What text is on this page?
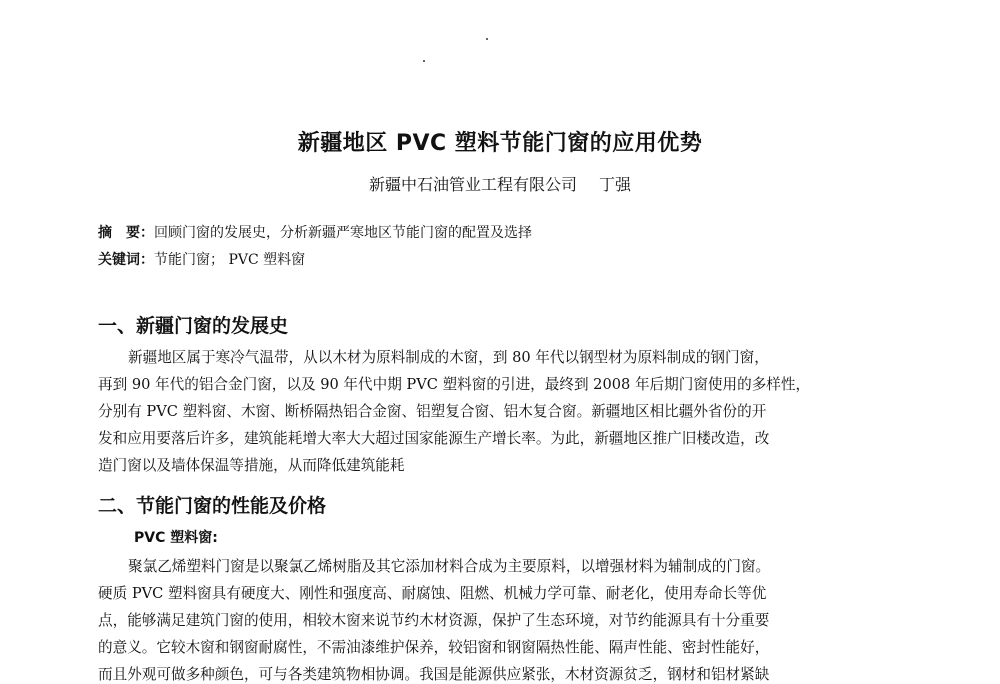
新疆地区 PVC 塑料节能门窗的应用优势
新疆中石油管业工程有限公司 丁强
摘　要：回顾门窗的发展史，分析新疆严寒地区节能门窗的配置及选择
关键词：节能门窗； PVC 塑料窗
一、新疆门窗的发展史
新疆地区属于寒冷气温带，从以木材为原料制成的木窗，到 80 年代以钢型材为原料制成的钢门窗，
再到 90 年代的铝合金门窗，以及 90 年代中期 PVC 塑料窗的引进，最终到 2008 年后期门窗使用的多样性，
分别有 PVC 塑料窗、木窗、断桥隔热铝合金窗、铝塑复合窗、铝木复合窗。新疆地区相比疆外省份的开
发和应用要落后许多，建筑能耗增大率大大超过国家能源生产增长率。为此，新疆地区推广旧楼改造，改
造门窗以及墙体保温等措施，从而降低建筑能耗
二、节能门窗的性能及价格
PVC 塑料窗:
聚氯乙烯塑料门窗是以聚氯乙烯树脂及其它添加材料合成为主要原料，以增强材料为辅制成的门窗。
硬质 PVC 塑料窗具有硬度大、刚性和强度高、耐腐蚀、阻燃、机械力学可靠、耐老化，使用寿命长等优
点，能够满足建筑门窗的使用，相较木窗来说节约木材资源，保护了生态环境，对节约能源具有十分重要
的意义。它较木窗和钢窗耐腐性，不需油漆维护保养，较铝窗和钢窗隔热性能、隔声性能、密封性能好，
而且外观可做多种颜色，可与各类建筑物相协调。我国是能源供应紧张，木材资源贫乏，钢材和铝材紧缺
